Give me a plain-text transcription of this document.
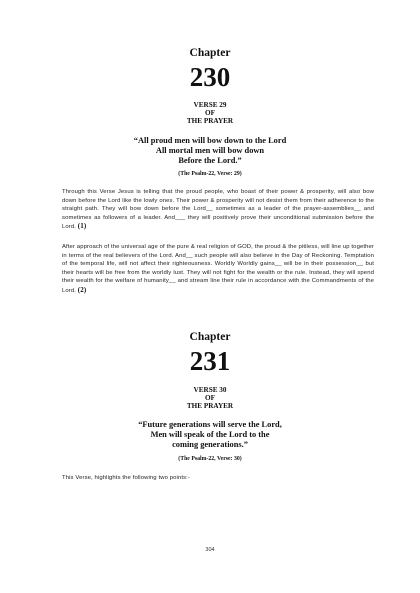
Chapter
230
VERSE 29
OF
THE PRAYER
“All proud men will bow down to the Lord
All mortal men will bow down
Before the Lord.”
(The Psalm-22, Verse: 29)
Through this Verse Jesus is telling that the proud people, who boast of their power & prosperity, will also bow down before the Lord like the lowly ones. Their power & prosperity will not desist them from their adherence to the straight path. They will bow down before the Lord__ sometimes as a leader of the prayer-assemblies__ and sometimes as followers of a leader. And___ they will positively prove their unconditional submission before the Lord. (1)
After approach of the universal age of the pure & real religion of GOD, the proud & the pitiless, will line up together in terms of the real believers of the Lord. And__ such people will also believe in the Day of Reckoning. Temptation of the temporal life, will not affect their righteousness. Worldly Worldly gains__ will be in their possession__ but their hearts will be free from the worldly lust. They will not fight for the wealth or the rule. Instead, they will spend their wealth for the welfare of humanity__ and stream line their rule in accordance with the Commandments of the Lord. (2)
Chapter
231
VERSE 30
OF
THE PRAYER
“Future generations will serve the Lord,
Men will speak of the Lord to the
coming generations.”
(The Psalm-22, Verse: 30)
This Verse, highlights the following two points:-
304
